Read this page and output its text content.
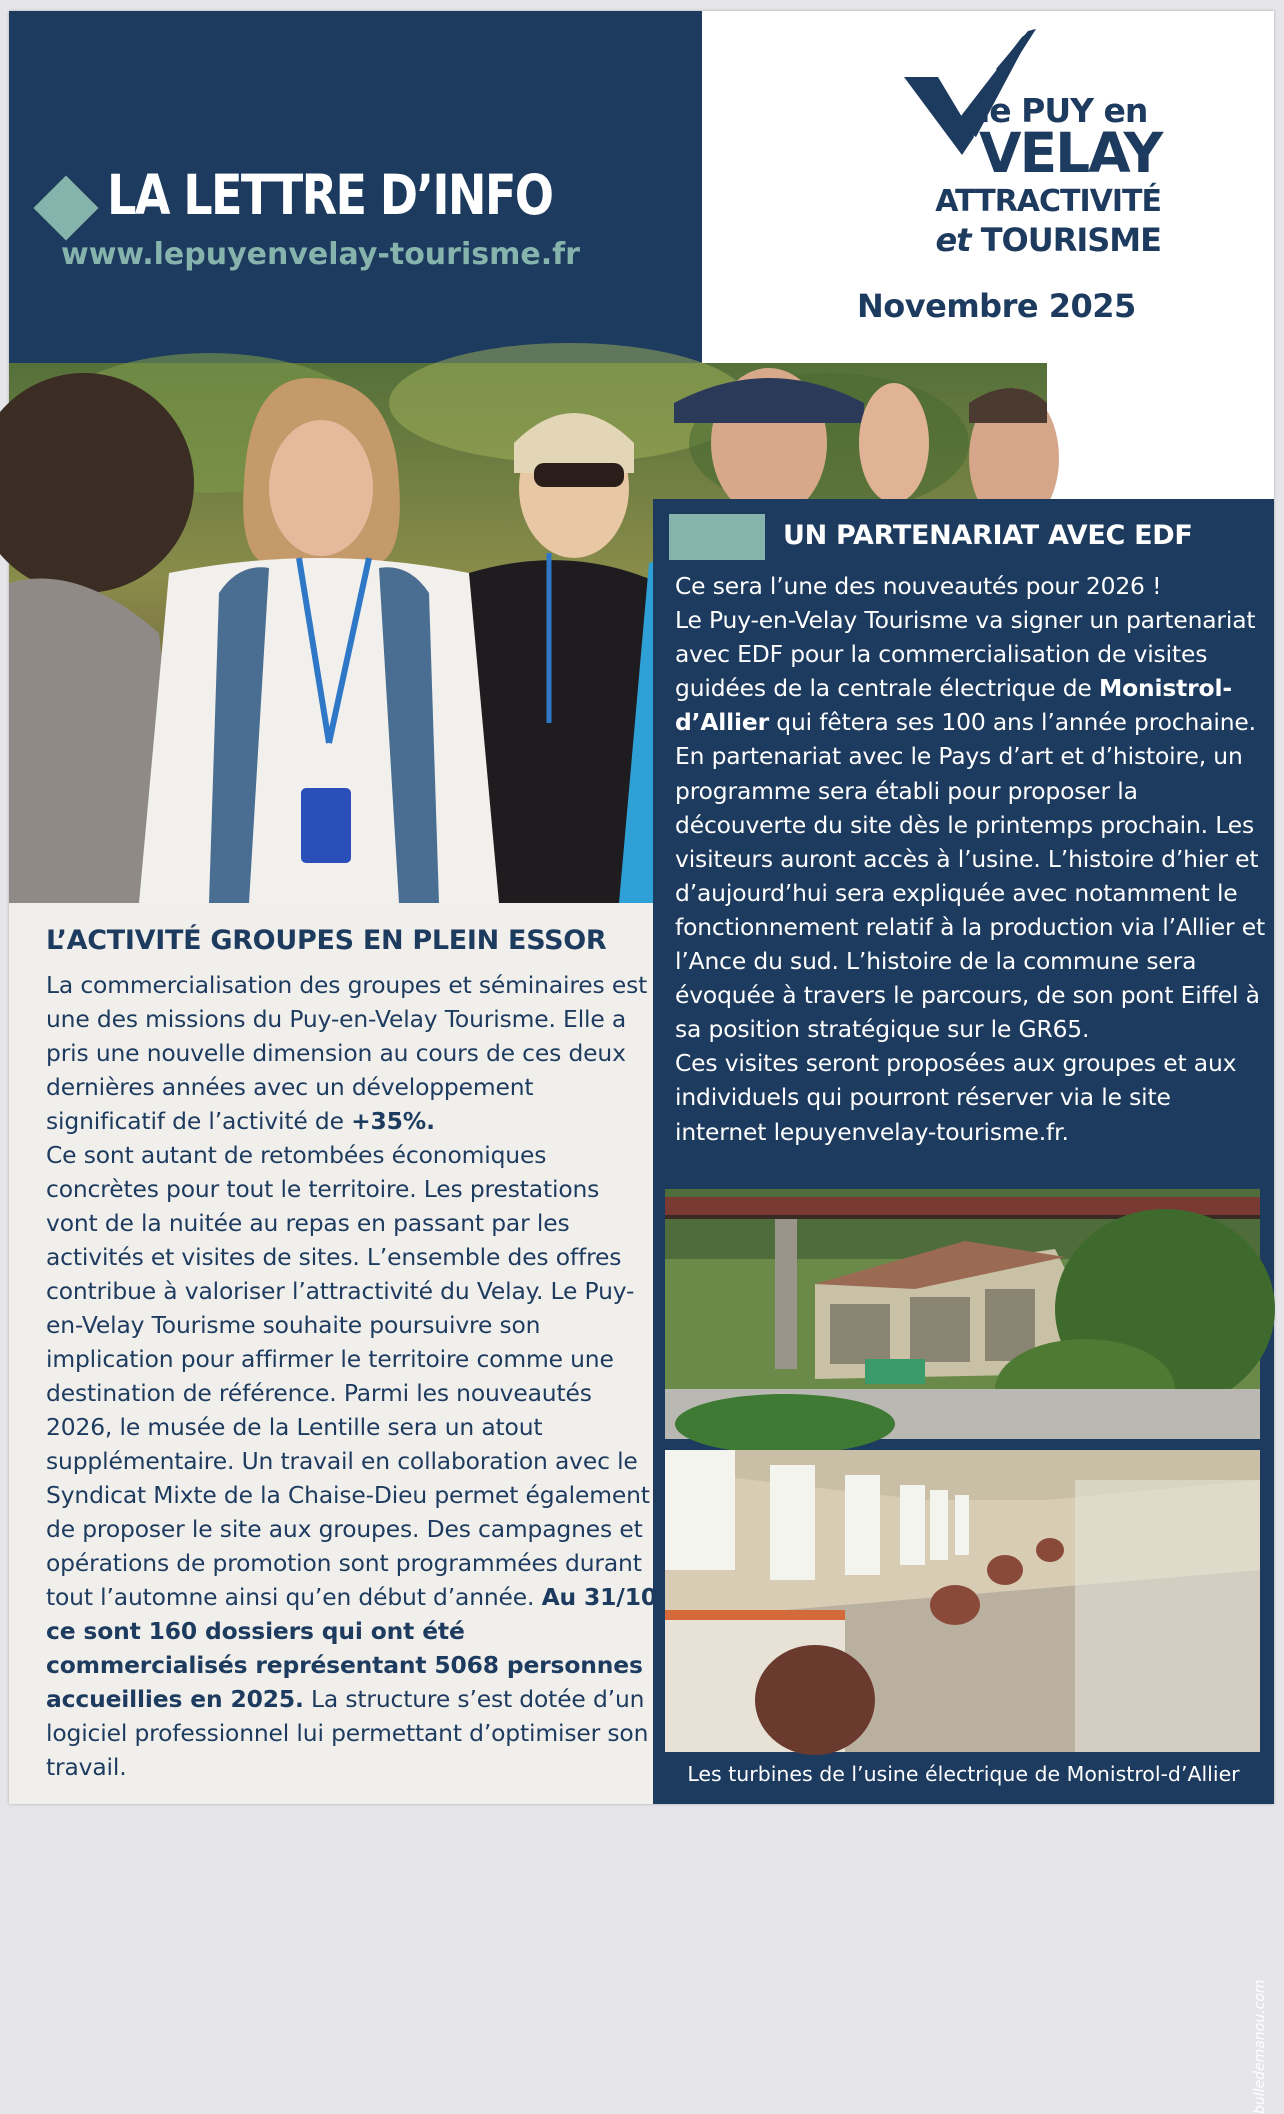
LA LETTRE D’INFO
www.lepuyenvelay-tourisme.fr
le PUY en
VELAY
ATTRACTIVITÉ
et TOURISME
Novembre 2025
UN PARTENARIAT AVEC EDF
Ce sera l’une des nouveautés pour 2026 !
Le Puy-en-Velay Tourisme va signer un partenariat avec EDF pour la commercialisation de visites guidées de la centrale électrique de Monistrol-d’Allier qui fêtera ses 100 ans l’année prochaine. En partenariat avec le Pays d’art et d’histoire, un programme sera établi pour proposer la découverte du site dès le printemps prochain. Les visiteurs auront accès à l’usine. L’histoire d’hier et d’aujourd’hui sera expliquée avec notamment le fonctionnement relatif à la production via l’Allier et l’Ance du sud. L’histoire de la commune sera évoquée à travers le parcours, de son pont Eiffel à sa position stratégique sur le GR65.
Ces visites seront proposées aux groupes et aux individuels qui pourront réserver via le site internet lepuyenvelay-tourisme.fr.
bulledemanou.com
Les turbines de l’usine électrique de Monistrol-d’Allier
L’ACTIVITÉ GROUPES EN PLEIN ESSOR
La commercialisation des groupes et séminaires est une des missions du Puy-en-Velay Tourisme. Elle a pris une nouvelle dimension au cours de ces deux dernières années avec un développement significatif de l’activité de +35%.
Ce sont autant de retombées économiques concrètes pour tout le territoire. Les prestations vont de la nuitée au repas en passant par les activités et visites de sites. L’ensemble des offres contribue à valoriser l’attractivité du Velay. Le Puy-en-Velay Tourisme souhaite poursuivre son implication pour affirmer le territoire comme une destination de référence. Parmi les nouveautés 2026, le musée de la Lentille sera un atout supplémentaire. Un travail en collaboration avec le Syndicat Mixte de la Chaise-Dieu permet également de proposer le site aux groupes. Des campagnes et opérations de promotion sont programmées durant tout l’automne ainsi qu’en début d’année. Au 31/10 ce sont 160 dossiers qui ont été commercialisés représentant 5068 personnes accueillies en 2025. La structure s’est dotée d’un logiciel professionnel lui permettant d’optimiser son travail.
